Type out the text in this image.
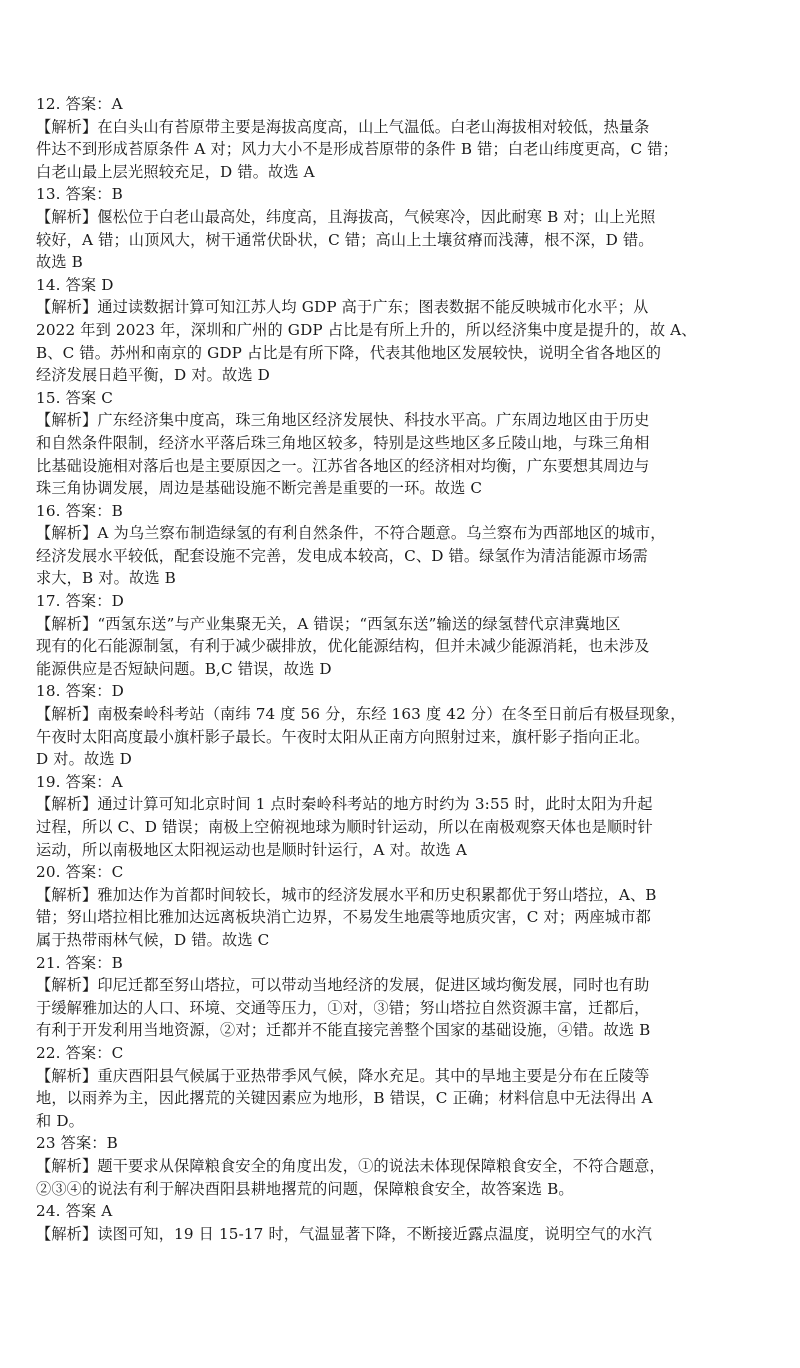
12. 答案：A
【解析】在白头山有苔原带主要是海拔高度高，山上气温低。白老山海拔相对较低，热量条
件达不到形成苔原条件 A 对；风力大小不是形成苔原带的条件 B 错；白老山纬度更高，C 错；
白老山最上层光照较充足，D 错。故选 A
13. 答案：B
【解析】偃松位于白老山最高处，纬度高，且海拔高，气候寒冷，因此耐寒 B 对；山上光照
较好，A 错；山顶风大，树干通常伏卧状，C 错；高山上土壤贫瘠而浅薄，根不深，D 错。
故选 B
14. 答案 D
【解析】通过读数据计算可知江苏人均 GDP 高于广东；图表数据不能反映城市化水平；从
2022 年到 2023 年，深圳和广州的 GDP 占比是有所上升的，所以经济集中度是提升的，故 A、
B、C 错。苏州和南京的 GDP 占比是有所下降，代表其他地区发展较快，说明全省各地区的
经济发展日趋平衡，D 对。故选 D
15. 答案 C
【解析】广东经济集中度高，珠三角地区经济发展快、科技水平高。广东周边地区由于历史
和自然条件限制，经济水平落后珠三角地区较多，特别是这些地区多丘陵山地，与珠三角相
比基础设施相对落后也是主要原因之一。江苏省各地区的经济相对均衡，广东要想其周边与
珠三角协调发展，周边是基础设施不断完善是重要的一环。故选 C
16. 答案：B
【解析】A 为乌兰察布制造绿氢的有利自然条件，不符合题意。乌兰察布为西部地区的城市，
经济发展水平较低，配套设施不完善，发电成本较高，C、D 错。绿氢作为清洁能源市场需
求大，B 对。故选 B
17. 答案：D
【解析】“西氢东送”与产业集聚无关，A 错误；“西氢东送”输送的绿氢替代京津冀地区
现有的化石能源制氢，有利于减少碳排放，优化能源结构，但并未减少能源消耗，也未涉及
能源供应是否短缺问题。B,C 错误，故选 D
18. 答案：D
【解析】南极秦岭科考站（南纬 74 度 56 分，东经 163 度 42 分）在冬至日前后有极昼现象，
午夜时太阳高度最小旗杆影子最长。午夜时太阳从正南方向照射过来，旗杆影子指向正北。
D 对。故选 D
19. 答案：A
【解析】通过计算可知北京时间 1 点时秦岭科考站的地方时约为 3:55 时，此时太阳为升起
过程，所以 C、D 错误；南极上空俯视地球为顺时针运动，所以在南极观察天体也是顺时针
运动，所以南极地区太阳视运动也是顺时针运行，A 对。故选 A
20. 答案：C
【解析】雅加达作为首都时间较长，城市的经济发展水平和历史积累都优于努山塔拉，A、B
错；努山塔拉相比雅加达远离板块消亡边界，不易发生地震等地质灾害，C 对；两座城市都
属于热带雨林气候，D 错。故选 C
21. 答案：B
【解析】印尼迁都至努山塔拉，可以带动当地经济的发展，促进区域均衡发展，同时也有助
于缓解雅加达的人口、环境、交通等压力，①对，③错；努山塔拉自然资源丰富，迁都后，
有利于开发利用当地资源，②对；迁都并不能直接完善整个国家的基础设施，④错。故选 B
22. 答案：C
【解析】重庆酉阳县气候属于亚热带季风气候，降水充足。其中的旱地主要是分布在丘陵等
地，以雨养为主，因此撂荒的关键因素应为地形，B 错误，C 正确；材料信息中无法得出 A
和 D。
23 答案：B
【解析】题干要求从保障粮食安全的角度出发，①的说法未体现保障粮食安全，不符合题意，
②③④的说法有利于解决酉阳县耕地撂荒的问题，保障粮食安全，故答案选 B。
24. 答案 A
【解析】读图可知，19 日 15-17 时，气温显著下降，不断接近露点温度，说明空气的水汽
